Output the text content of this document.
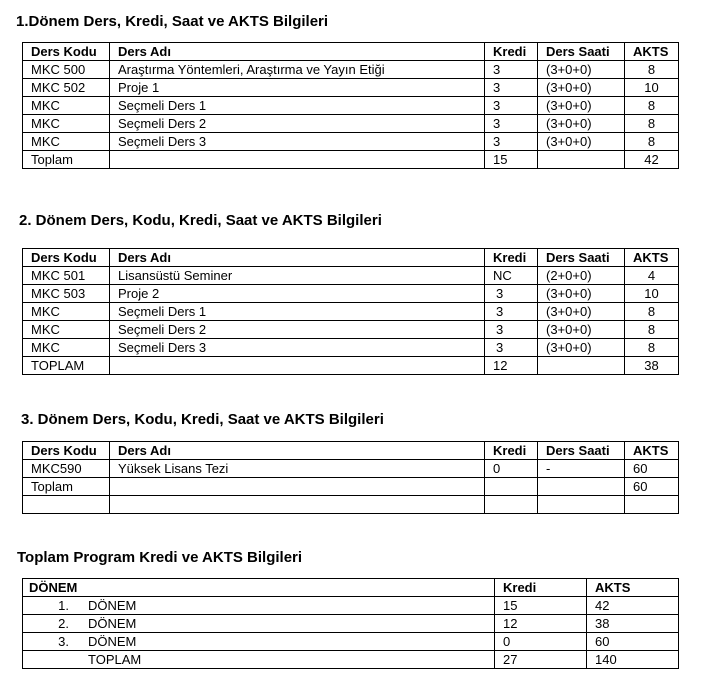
1.Dönem Ders, Kredi, Saat ve AKTS Bilgileri
Ders Kodu	Ders Adı	Kredi	Ders Saati	AKTS
MKC 500	Araştırma Yöntemleri, Araştırma ve Yayın Etiği	3	(3+0+0)	8
MKC 502	Proje 1	3	(3+0+0)	10
MKC	Seçmeli Ders 1	3	(3+0+0)	8
MKC	Seçmeli Ders 2	3	(3+0+0)	8
MKC	Seçmeli Ders 3	3	(3+0+0)	8
Toplam		15		42
2. Dönem Ders, Kodu, Kredi, Saat ve AKTS Bilgileri
Ders Kodu	Ders Adı	Kredi	Ders Saati	AKTS
MKC 501	Lisansüstü Seminer	NC	(2+0+0)	4
MKC 503	Proje 2	3	(3+0+0)	10
MKC	Seçmeli Ders 1	3	(3+0+0)	8
MKC	Seçmeli Ders 2	3	(3+0+0)	8
MKC	Seçmeli Ders 3	3	(3+0+0)	8
TOPLAM		12		38
3. Dönem Ders, Kodu, Kredi, Saat ve AKTS Bilgileri
Ders Kodu	Ders Adı	Kredi	Ders Saati	AKTS
MKC590	Yüksek Lisans Tezi	0	-	60
Toplam				60

Toplam Program Kredi ve AKTS Bilgileri
DÖNEM	Kredi	AKTS
1. DÖNEM	15	42
2. DÖNEM	12	38
3. DÖNEM	0	60
TOPLAM	27	140
